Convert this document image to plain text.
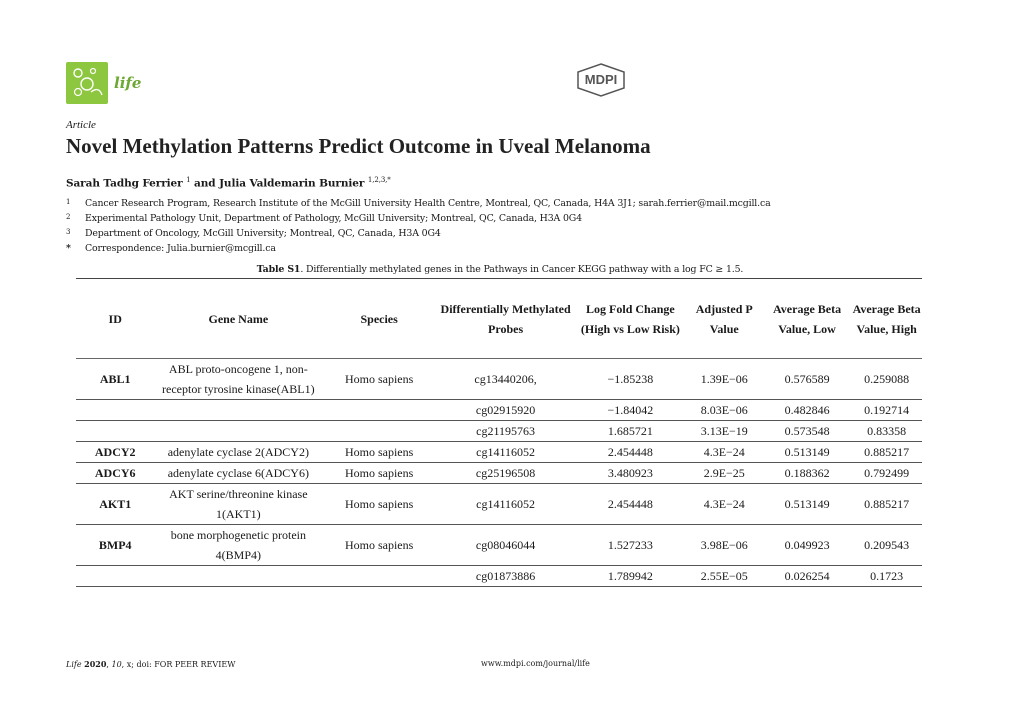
life	MDPI
Article
Novel Methylation Patterns Predict Outcome in Uveal Melanoma
Sarah Tadhg Ferrier $^1$ and Julia Valdemarin Burnier $^{1,2,3,*}$
1 Cancer Research Program, Research Institute of the McGill University Health Centre, Montreal, QC, Canada, H4A 3J1; sarah.ferrier@mail.mcgill.ca
2 Experimental Pathology Unit, Department of Pathology, McGill University; Montreal, QC, Canada, H3A 0G4
3 Department of Oncology, McGill University; Montreal, QC, Canada, H3A 0G4
* Correspondence: Julia.burnier@mcgill.ca
Table S1. Differentially methylated genes in the Pathways in Cancer KEGG pathway with a log FC ≥ 1.5.
ID	Gene Name	Species	Differentially Methylated Probes	Log Fold Change (High vs Low Risk)	Adjusted P Value	Average Beta Value, Low	Average Beta Value, High
ABL1	ABL proto-oncogene 1, non-receptor tyrosine kinase(ABL1)	Homo sapiens	cg13440206,	−1.85238	1.39E−06	0.576589	0.259088
			cg02915920	−1.84042	8.03E−06	0.482846	0.192714
			cg21195763	1.685721	3.13E−19	0.573548	0.83358
ADCY2	adenylate cyclase 2(ADCY2)	Homo sapiens	cg14116052	2.454448	4.3E−24	0.513149	0.885217
ADCY6	adenylate cyclase 6(ADCY6)	Homo sapiens	cg25196508	3.480923	2.9E−25	0.188362	0.792499
AKT1	AKT serine/threonine kinase 1(AKT1)	Homo sapiens	cg14116052	2.454448	4.3E−24	0.513149	0.885217
BMP4	bone morphogenetic protein 4(BMP4)	Homo sapiens	cg08046044	1.527233	3.98E−06	0.049923	0.209543
			cg01873886	1.789942	2.55E−05	0.026254	0.1723
Life 2020, 10, x; doi: FOR PEER REVIEW	www.mdpi.com/journal/life
